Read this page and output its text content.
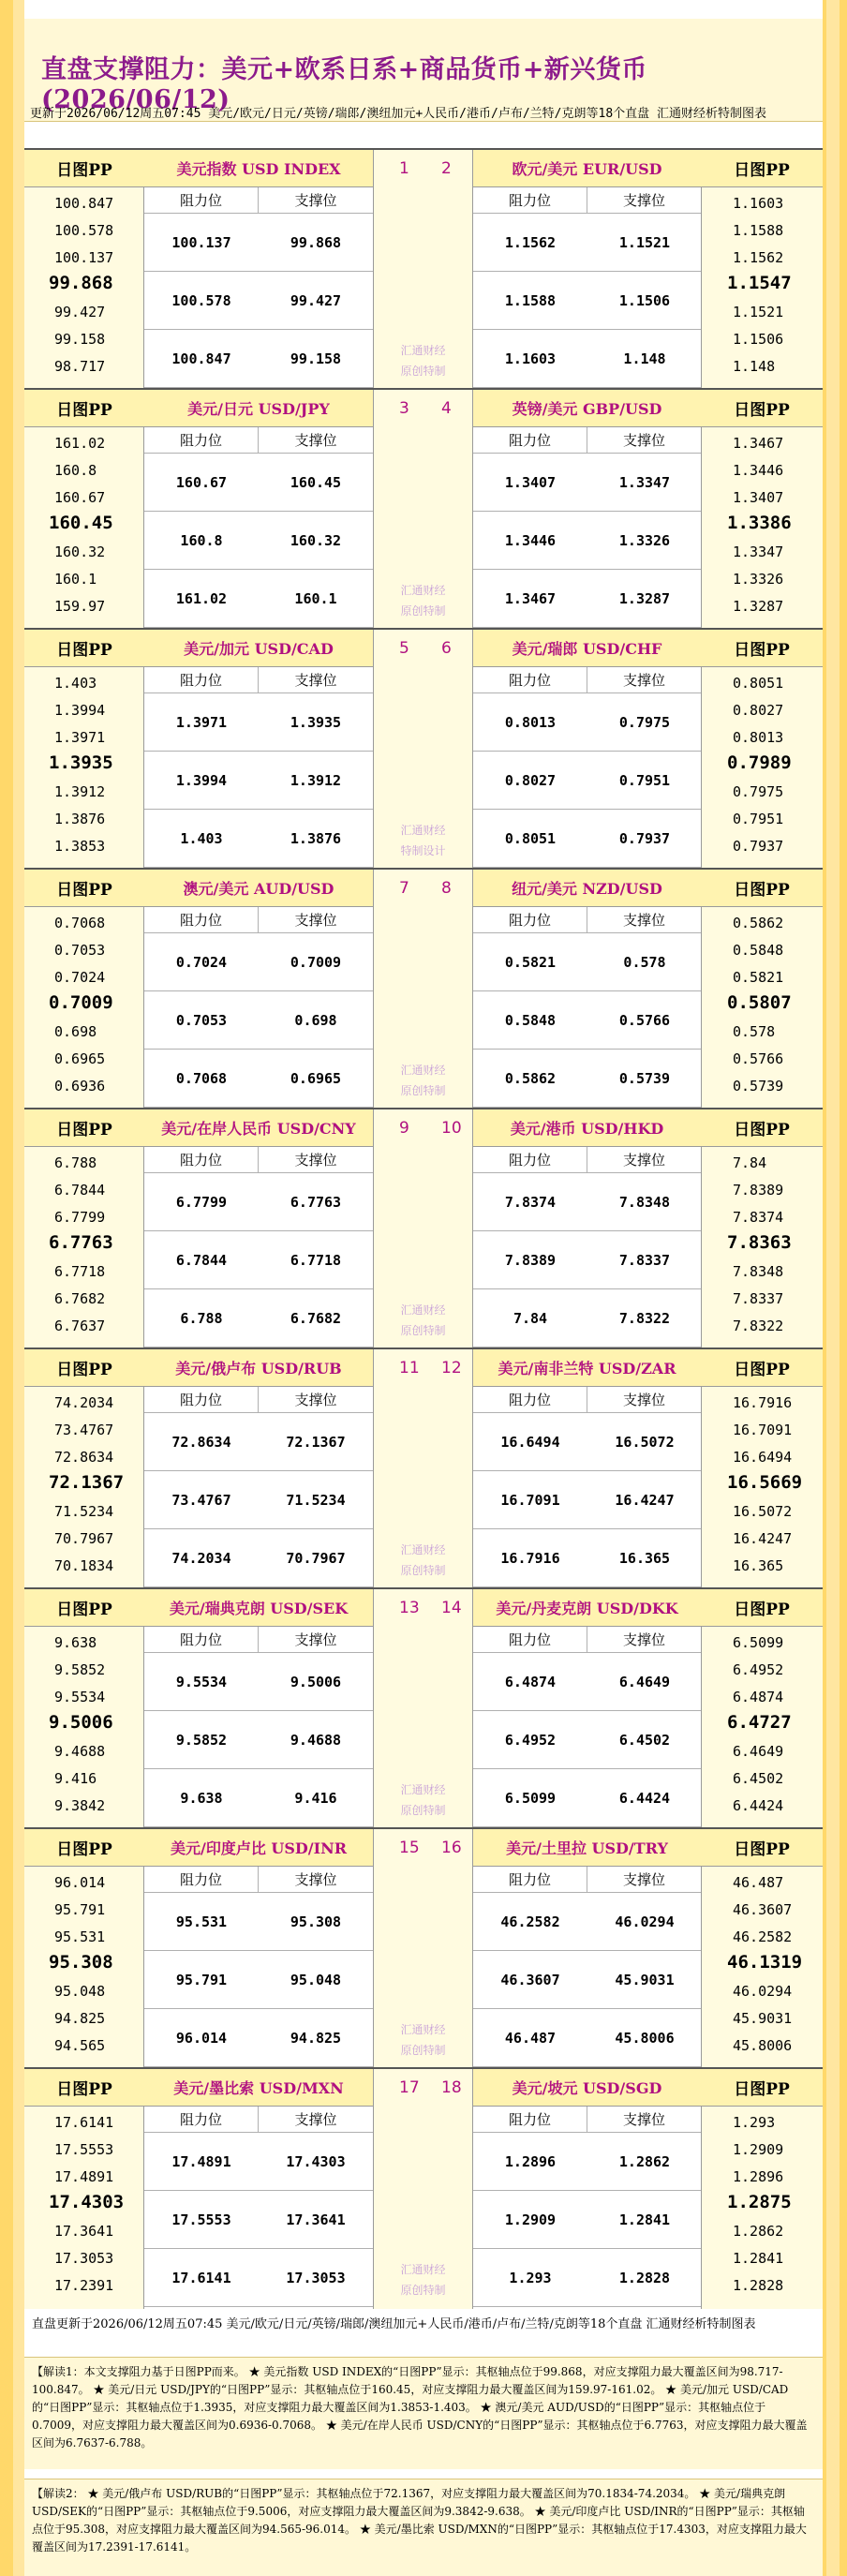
直盘支撑阻力：美元+欧系日系+商品货币+新兴货币(2026/06/12)
更新于2026/06/12周五07:45 美元/欧元/日元/英镑/瑞郎/澳纽加元+人民币/港币/卢布/兰特/克朗等18个直盘 汇通财经析特制图表
日图PP
100.847
100.578
100.137
99.868
99.427
99.158
98.717
美元指数 USD INDEX
阻力位	支撑位
100.137	99.868
100.578	99.427
100.847	99.158
1 2
汇通财经
原创特制
欧元/美元 EUR/USD
阻力位	支撑位
1.1562	1.1521
1.1588	1.1506
1.1603	1.148
日图PP
1.1603
1.1588
1.1562
1.1547
1.1521
1.1506
1.148
日图PP
161.02
160.8
160.67
160.45
160.32
160.1
159.97
美元/日元 USD/JPY
阻力位	支撑位
160.67	160.45
160.8	160.32
161.02	160.1
3 4
汇通财经
原创特制
英镑/美元 GBP/USD
阻力位	支撑位
1.3407	1.3347
1.3446	1.3326
1.3467	1.3287
日图PP
1.3467
1.3446
1.3407
1.3386
1.3347
1.3326
1.3287
日图PP
1.403
1.3994
1.3971
1.3935
1.3912
1.3876
1.3853
美元/加元 USD/CAD
阻力位	支撑位
1.3971	1.3935
1.3994	1.3912
1.403	1.3876
5 6
汇通财经
特制设计
美元/瑞郎 USD/CHF
阻力位	支撑位
0.8013	0.7975
0.8027	0.7951
0.8051	0.7937
日图PP
0.8051
0.8027
0.8013
0.7989
0.7975
0.7951
0.7937
日图PP
0.7068
0.7053
0.7024
0.7009
0.698
0.6965
0.6936
澳元/美元 AUD/USD
阻力位	支撑位
0.7024	0.7009
0.7053	0.698
0.7068	0.6965
7 8
汇通财经
原创特制
纽元/美元 NZD/USD
阻力位	支撑位
0.5821	0.578
0.5848	0.5766
0.5862	0.5739
日图PP
0.5862
0.5848
0.5821
0.5807
0.578
0.5766
0.5739
日图PP
6.788
6.7844
6.7799
6.7763
6.7718
6.7682
6.7637
美元/在岸人民币 USD/CNY
阻力位	支撑位
6.7799	6.7763
6.7844	6.7718
6.788	6.7682
9 10
汇通财经
原创特制
美元/港币 USD/HKD
阻力位	支撑位
7.8374	7.8348
7.8389	7.8337
7.84	7.8322
日图PP
7.84
7.8389
7.8374
7.8363
7.8348
7.8337
7.8322
日图PP
74.2034
73.4767
72.8634
72.1367
71.5234
70.7967
70.1834
美元/俄卢布 USD/RUB
阻力位	支撑位
72.8634	72.1367
73.4767	71.5234
74.2034	70.7967
11 12
汇通财经
原创特制
美元/南非兰特 USD/ZAR
阻力位	支撑位
16.6494	16.5072
16.7091	16.4247
16.7916	16.365
日图PP
16.7916
16.7091
16.6494
16.5669
16.5072
16.4247
16.365
日图PP
9.638
9.5852
9.5534
9.5006
9.4688
9.416
9.3842
美元/瑞典克朗 USD/SEK
阻力位	支撑位
9.5534	9.5006
9.5852	9.4688
9.638	9.416
13 14
汇通财经
原创特制
美元/丹麦克朗 USD/DKK
阻力位	支撑位
6.4874	6.4649
6.4952	6.4502
6.5099	6.4424
日图PP
6.5099
6.4952
6.4874
6.4727
6.4649
6.4502
6.4424
日图PP
96.014
95.791
95.531
95.308
95.048
94.825
94.565
美元/印度卢比 USD/INR
阻力位	支撑位
95.531	95.308
95.791	95.048
96.014	94.825
15 16
汇通财经
原创特制
美元/土里拉 USD/TRY
阻力位	支撑位
46.2582	46.0294
46.3607	45.9031
46.487	45.8006
日图PP
46.487
46.3607
46.2582
46.1319
46.0294
45.9031
45.8006
日图PP
17.6141
17.5553
17.4891
17.4303
17.3641
17.3053
17.2391
美元/墨比索 USD/MXN
阻力位	支撑位
17.4891	17.4303
17.5553	17.3641
17.6141	17.3053
17 18
汇通财经
原创特制
美元/坡元 USD/SGD
阻力位	支撑位
1.2896	1.2862
1.2909	1.2841
1.293	1.2828
日图PP
1.293
1.2909
1.2896
1.2875
1.2862
1.2841
1.2828
直盘更新于2026/06/12周五07:45 美元/欧元/日元/英镑/瑞郎/澳纽加元+人民币/港币/卢布/兰特/克朗等18个直盘 汇通财经析特制图表
【解读1：本文支撑阻力基于日图PP而来。 ★ 美元指数 USD INDEX的“日图PP”显示：其枢轴点位于99.868，对应支撑阻力最大覆盖区间为98.717-100.847。 ★ 美元/日元 USD/JPY的“日图PP”显示：其枢轴点位于160.45，对应支撑阻力最大覆盖区间为159.97-161.02。 ★ 美元/加元 USD/CAD的“日图PP”显示：其枢轴点位于1.3935，对应支撑阻力最大覆盖区间为1.3853-1.403。 ★ 澳元/美元 AUD/USD的“日图PP”显示：其枢轴点位于0.7009，对应支撑阻力最大覆盖区间为0.6936-0.7068。 ★ 美元/在岸人民币 USD/CNY的“日图PP”显示：其枢轴点位于6.7763，对应支撑阻力最大覆盖区间为6.7637-6.788。
【解读2： ★ 美元/俄卢布 USD/RUB的“日图PP”显示：其枢轴点位于72.1367，对应支撑阻力最大覆盖区间为70.1834-74.2034。 ★ 美元/瑞典克朗 USD/SEK的“日图PP”显示：其枢轴点位于9.5006，对应支撑阻力最大覆盖区间为9.3842-9.638。 ★ 美元/印度卢比 USD/INR的“日图PP”显示：其枢轴点位于95.308，对应支撑阻力最大覆盖区间为94.565-96.014。 ★ 美元/墨比索 USD/MXN的“日图PP”显示：其枢轴点位于17.4303，对应支撑阻力最大覆盖区间为17.2391-17.6141。
